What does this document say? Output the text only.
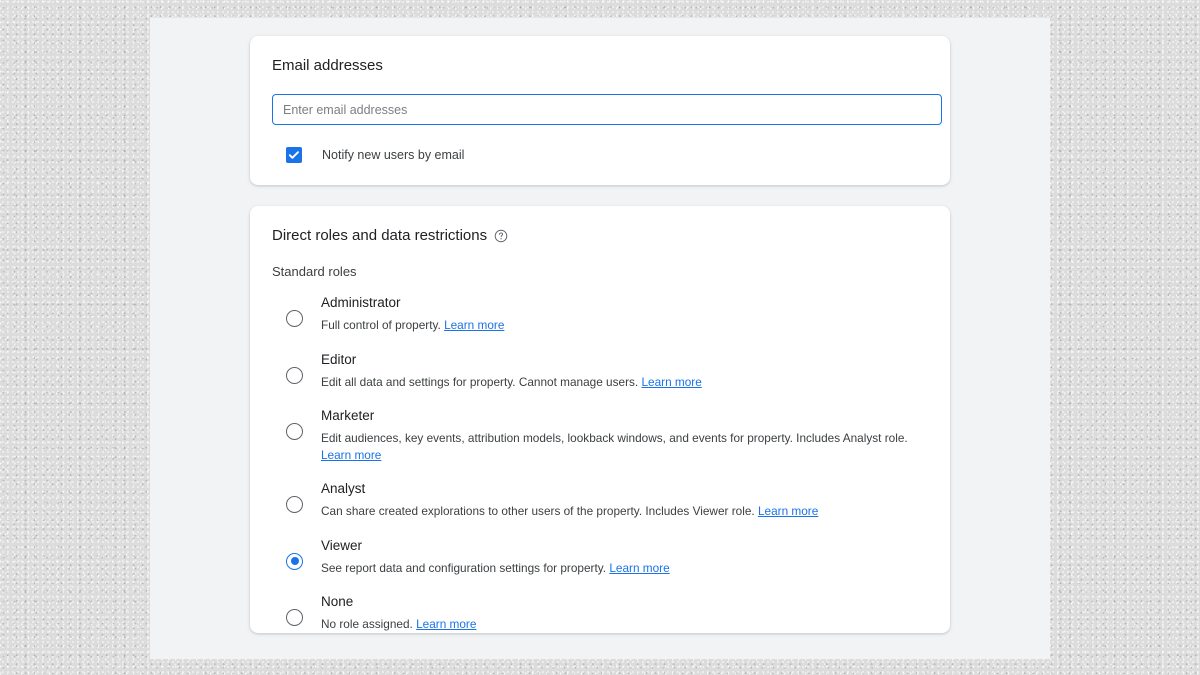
Email addresses
Enter email addresses
Notify new users by email
Direct roles and data restrictions
Standard roles
Administrator
Full control of property. Learn more
Editor
Edit all data and settings for property. Cannot manage users. Learn more
Marketer
Edit audiences, key events, attribution models, lookback windows, and events for property. Includes Analyst role. Learn more
Analyst
Can share created explorations to other users of the property. Includes Viewer role. Learn more
Viewer
See report data and configuration settings for property. Learn more
None
No role assigned. Learn more
